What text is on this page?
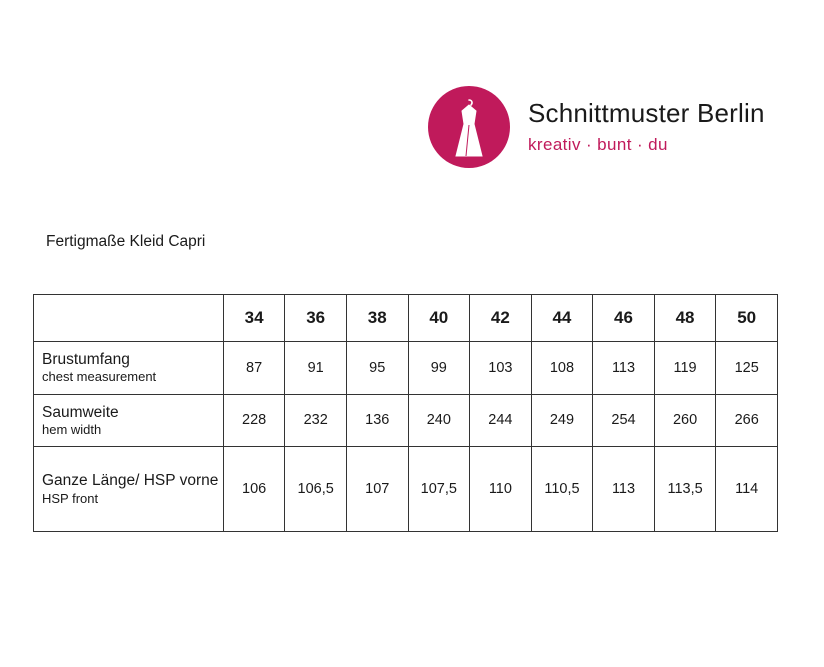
Schnittmuster Berlin
kreativ · bunt · du
Fertigmaße Kleid Capri
	34	36	38	40	42	44	46	48	50

Brustumfang
chest measurement	87	91	95	99	103	108	113	119	125

Saumweite
hem width	228	232	136	240	244	249	254	260	266

Ganze Länge/ HSP vorne
HSP front	106	106,5	107	107,5	110	110,5	113	113,5	114
